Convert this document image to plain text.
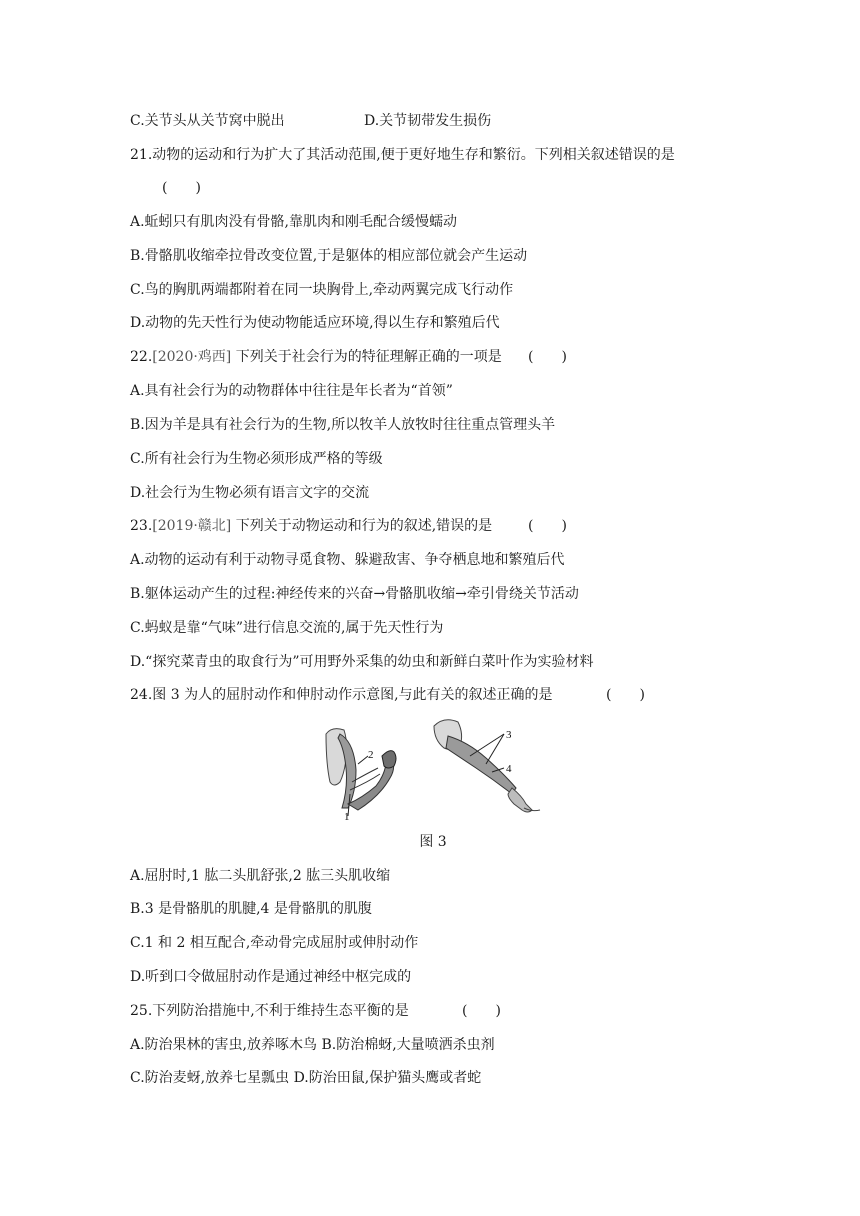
C.关节头从关节窝中脱出	D.关节韧带发生损伤
21.动物的运动和行为扩大了其活动范围,便于更好地生存和繁衍。下列相关叙述错误的是
(　　)
A.蚯蚓只有肌肉没有骨骼,靠肌肉和刚毛配合缓慢蠕动
B.骨骼肌收缩牵拉骨改变位置,于是躯体的相应部位就会产生运动
C.鸟的胸肌两端都附着在同一块胸骨上,牵动两翼完成飞行动作
D.动物的先天性行为使动物能适应环境,得以生存和繁殖后代
22.[2020·鸡西] 下列关于社会行为的特征理解正确的一项是 (　　)
A.具有社会行为的动物群体中往往是年长者为“首领”
B.因为羊是具有社会行为的生物,所以牧羊人放牧时往往重点管理头羊
C.所有社会行为生物必须形成严格的等级
D.社会行为生物必须有语言文字的交流
23.[2019·赣北] 下列关于动物运动和行为的叙述,错误的是	(　　)
A.动物的运动有利于动物寻觅食物、躲避敌害、争夺栖息地和繁殖后代
B.躯体运动产生的过程:神经传来的兴奋→骨骼肌收缩→牵引骨绕关节活动
C.蚂蚁是靠“气味”进行信息交流的,属于先天性行为
D.“探究菜青虫的取食行为”可用野外采集的幼虫和新鲜白菜叶作为实验材料
24.图 3 为人的屈肘动作和伸肘动作示意图,与此有关的叙述正确的是	(　　)
1
2
3
4
图 3
A.屈肘时,1 肱二头肌舒张,2 肱三头肌收缩
B.3 是骨骼肌的肌腱,4 是骨骼肌的肌腹
C.1 和 2 相互配合,牵动骨完成屈肘或伸肘动作
D.听到口令做屈肘动作是通过神经中枢完成的
25.下列防治措施中,不利于维持生态平衡的是	(　　)
A.防治果林的害虫,放养啄木鸟 B.防治棉蚜,大量喷洒杀虫剂
C.防治麦蚜,放养七星瓢虫 D.防治田鼠,保护猫头鹰或者蛇
